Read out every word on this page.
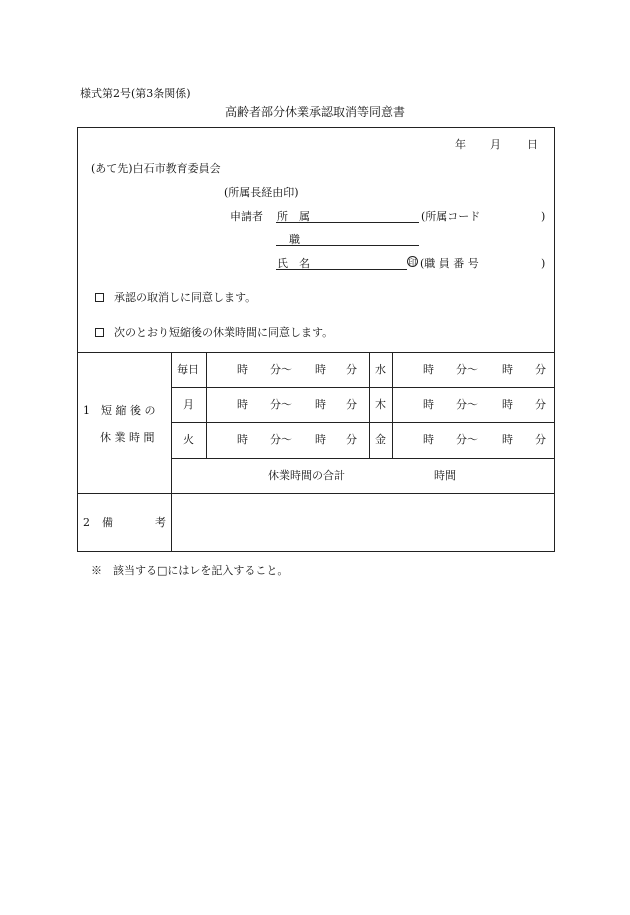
様式第2号(第3条関係)
高齢者部分休業承認取消等同意書
年 月 日
(あて先)白石市教育委員会
(所属長経由印)
申請者 所　属	(所属コード	)
職
氏　名	印 (職 員 番 号	)
承認の取消しに同意します。
次のとおり短縮後の休業時間に同意します。
1　短 縮 後 の
休 業 時 間
毎日	時 分～ 時 分 水	時 分～ 時 分
月	時 分～ 時 分 木	時 分～ 時 分
火	時 分～ 時 分 金	時 分～ 時 分
休業時間の合計	時間
2 備	考
※　該当する□にはレを記入すること。
